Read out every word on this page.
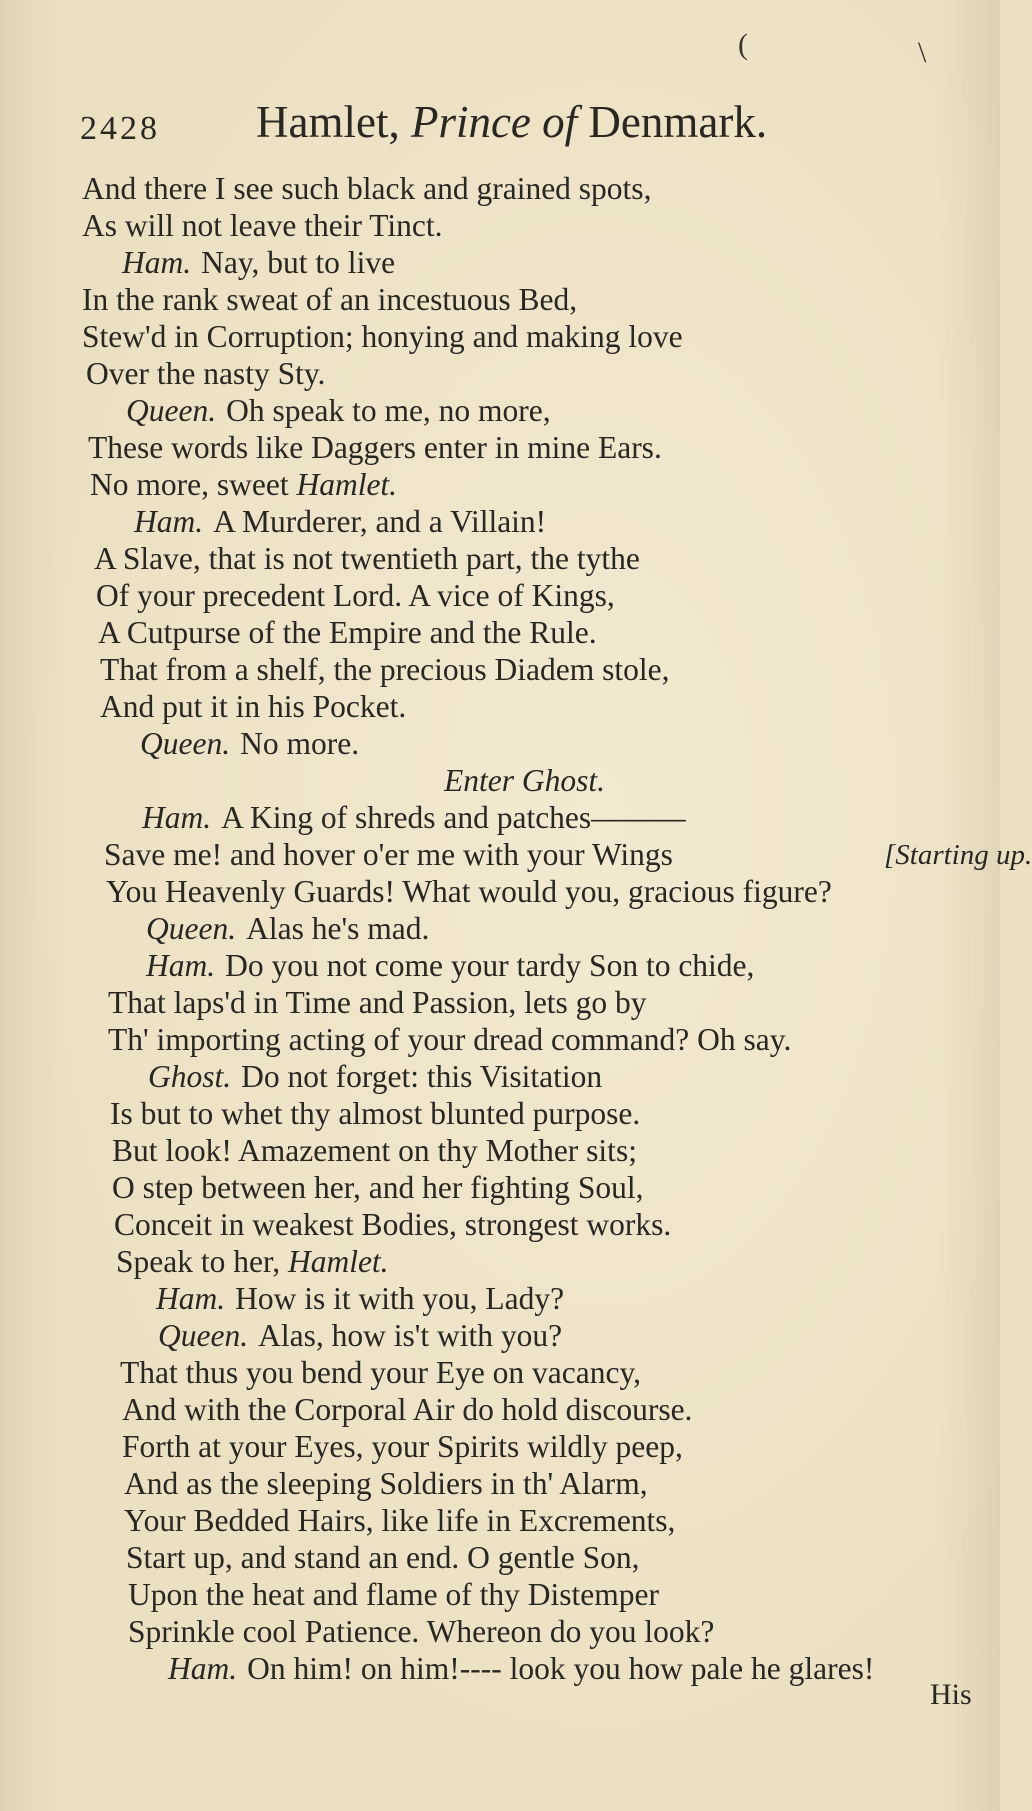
(	\
2428 Hamlet, Prince of Denmark.
And there I see such black and grained spots,
As will not leave their Tinct.
Ham. Nay, but to live
In the rank sweat of an incestuous Bed,
Stew'd in Corruption; honying and making love
Over the nasty Sty.
Queen. Oh speak to me, no more,
These words like Daggers enter in mine Ears.
No more, sweet Hamlet.
Ham. A Murderer, and a Villain!
A Slave, that is not twentieth part, the tythe
Of your precedent Lord. A vice of Kings,
A Cutpurse of the Empire and the Rule.
That from a shelf, the precious Diadem stole,
And put it in his Pocket.
Queen. No more.
Enter Ghost.
Ham. A King of shreds and patches———
Save me! and hover o'er me with your Wings	[Starting up.
You Heavenly Guards! What would you, gracious figure?
Queen. Alas he's mad.
Ham. Do you not come your tardy Son to chide,
That laps'd in Time and Passion, lets go by
Th' importing acting of your dread command? Oh say.
Ghost. Do not forget: this Visitation
Is but to whet thy almost blunted purpose.
But look! Amazement on thy Mother sits;
O step between her, and her fighting Soul,
Conceit in weakest Bodies, strongest works.
Speak to her, Hamlet.
Ham. How is it with you, Lady?
Queen. Alas, how is't with you?
That thus you bend your Eye on vacancy,
And with the Corporal Air do hold discourse.
Forth at your Eyes, your Spirits wildly peep,
And as the sleeping Soldiers in th' Alarm,
Your Bedded Hairs, like life in Excrements,
Start up, and stand an end. O gentle Son,
Upon the heat and flame of thy Distemper
Sprinkle cool Patience. Whereon do you look?
Ham. On him! on him!---- look you how pale he glares!
His
